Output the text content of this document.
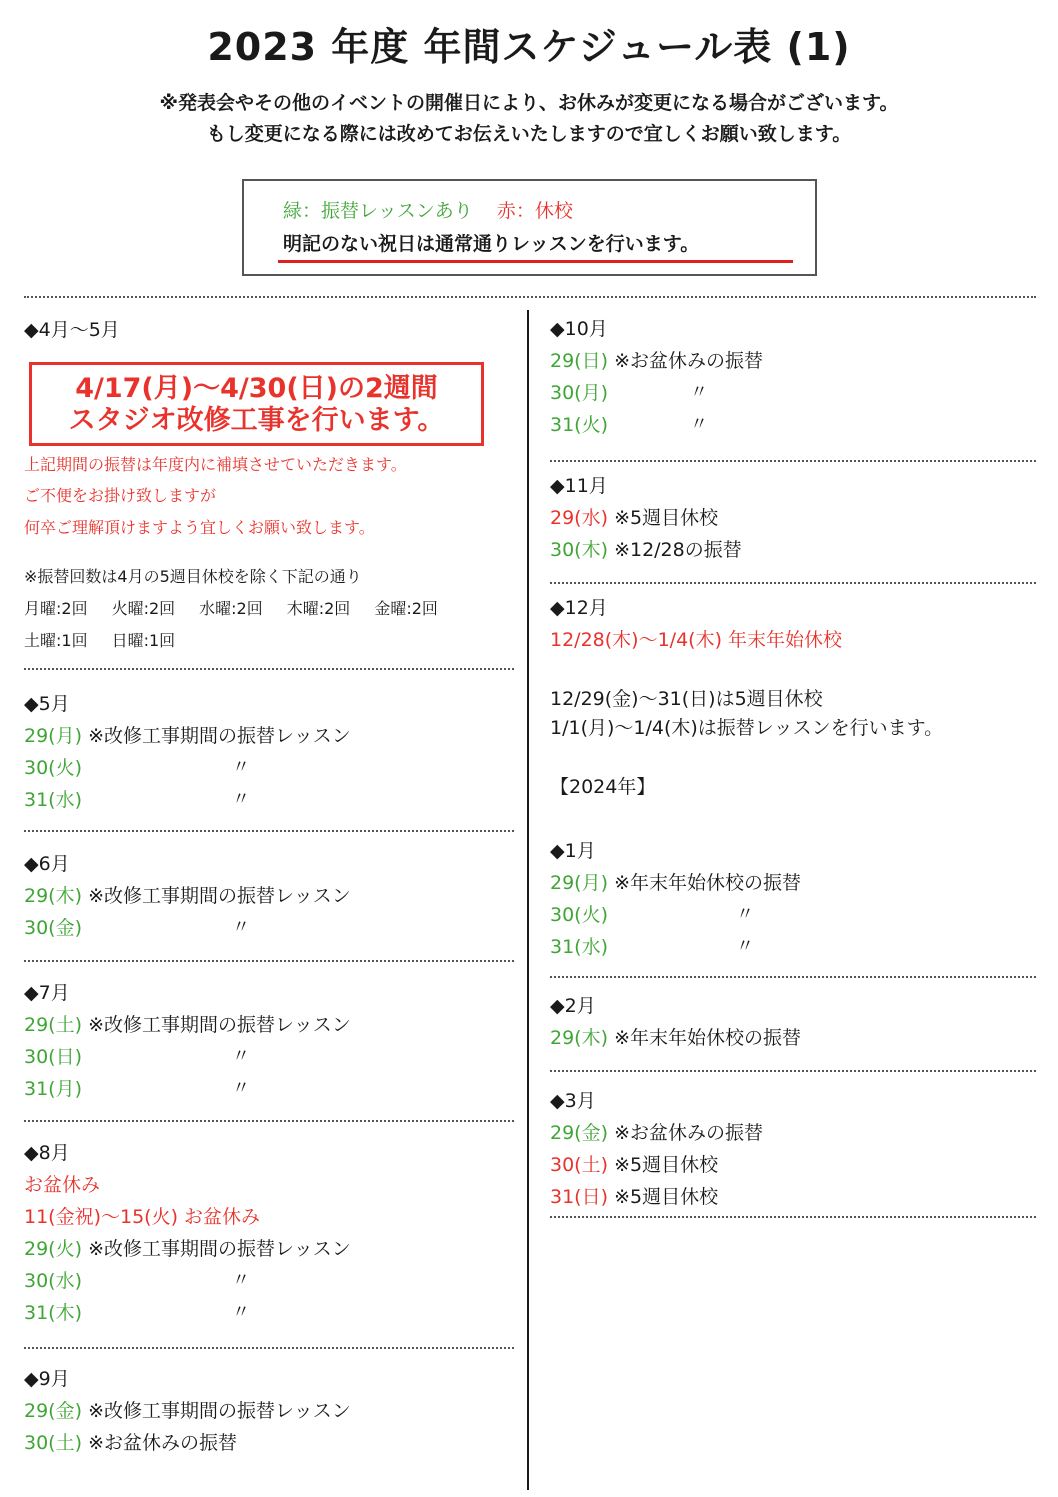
2023 年度 年間スケジュール表 (1)
※発表会やその他のイベントの開催日により、お休みが変更になる場合がございます。
もし変更になる際には改めてお伝えいたしますので宜しくお願い致します。
緑：振替レッスンあり 赤：休校
明記のない祝日は通常通りレッスンを行います。
◆4月～5月
4/17(月)～4/30(日)の2週間
スタジオ改修工事を行います。
上記期間の振替は年度内に補填させていただきます。
ご不便をお掛け致しますが
何卒ご理解頂けますよう宜しくお願い致します。
※振替回数は4月の5週目休校を除く下記の通り
月曜:2回 火曜:2回 水曜:2回 木曜:2回 金曜:2回
土曜:1回 日曜:1回
◆5月
29(月) ※改修工事期間の振替レッスン
30(火)	〃
31(水)	〃
◆6月
29(木) ※改修工事期間の振替レッスン
30(金)	〃
◆7月
29(土) ※改修工事期間の振替レッスン
30(日)	〃
31(月)	〃
◆8月
お盆休み
11(金祝)～15(火) お盆休み
29(火) ※改修工事期間の振替レッスン
30(水)	〃
31(木)	〃
◆9月
29(金) ※改修工事期間の振替レッスン
30(土) ※お盆休みの振替
◆10月
29(日) ※お盆休みの振替
30(月)	〃
31(火)	〃
◆11月
29(水) ※5週目休校
30(木) ※12/28の振替
◆12月
12/28(木)～1/4(木) 年末年始休校
12/29(金)～31(日)は5週目休校
1/1(月)～1/4(木)は振替レッスンを行います。
【2024年】
◆1月
29(月) ※年末年始休校の振替
30(火)	〃
31(水)	〃
◆2月
29(木) ※年末年始休校の振替
◆3月
29(金) ※お盆休みの振替
30(土) ※5週目休校
31(日) ※5週目休校
